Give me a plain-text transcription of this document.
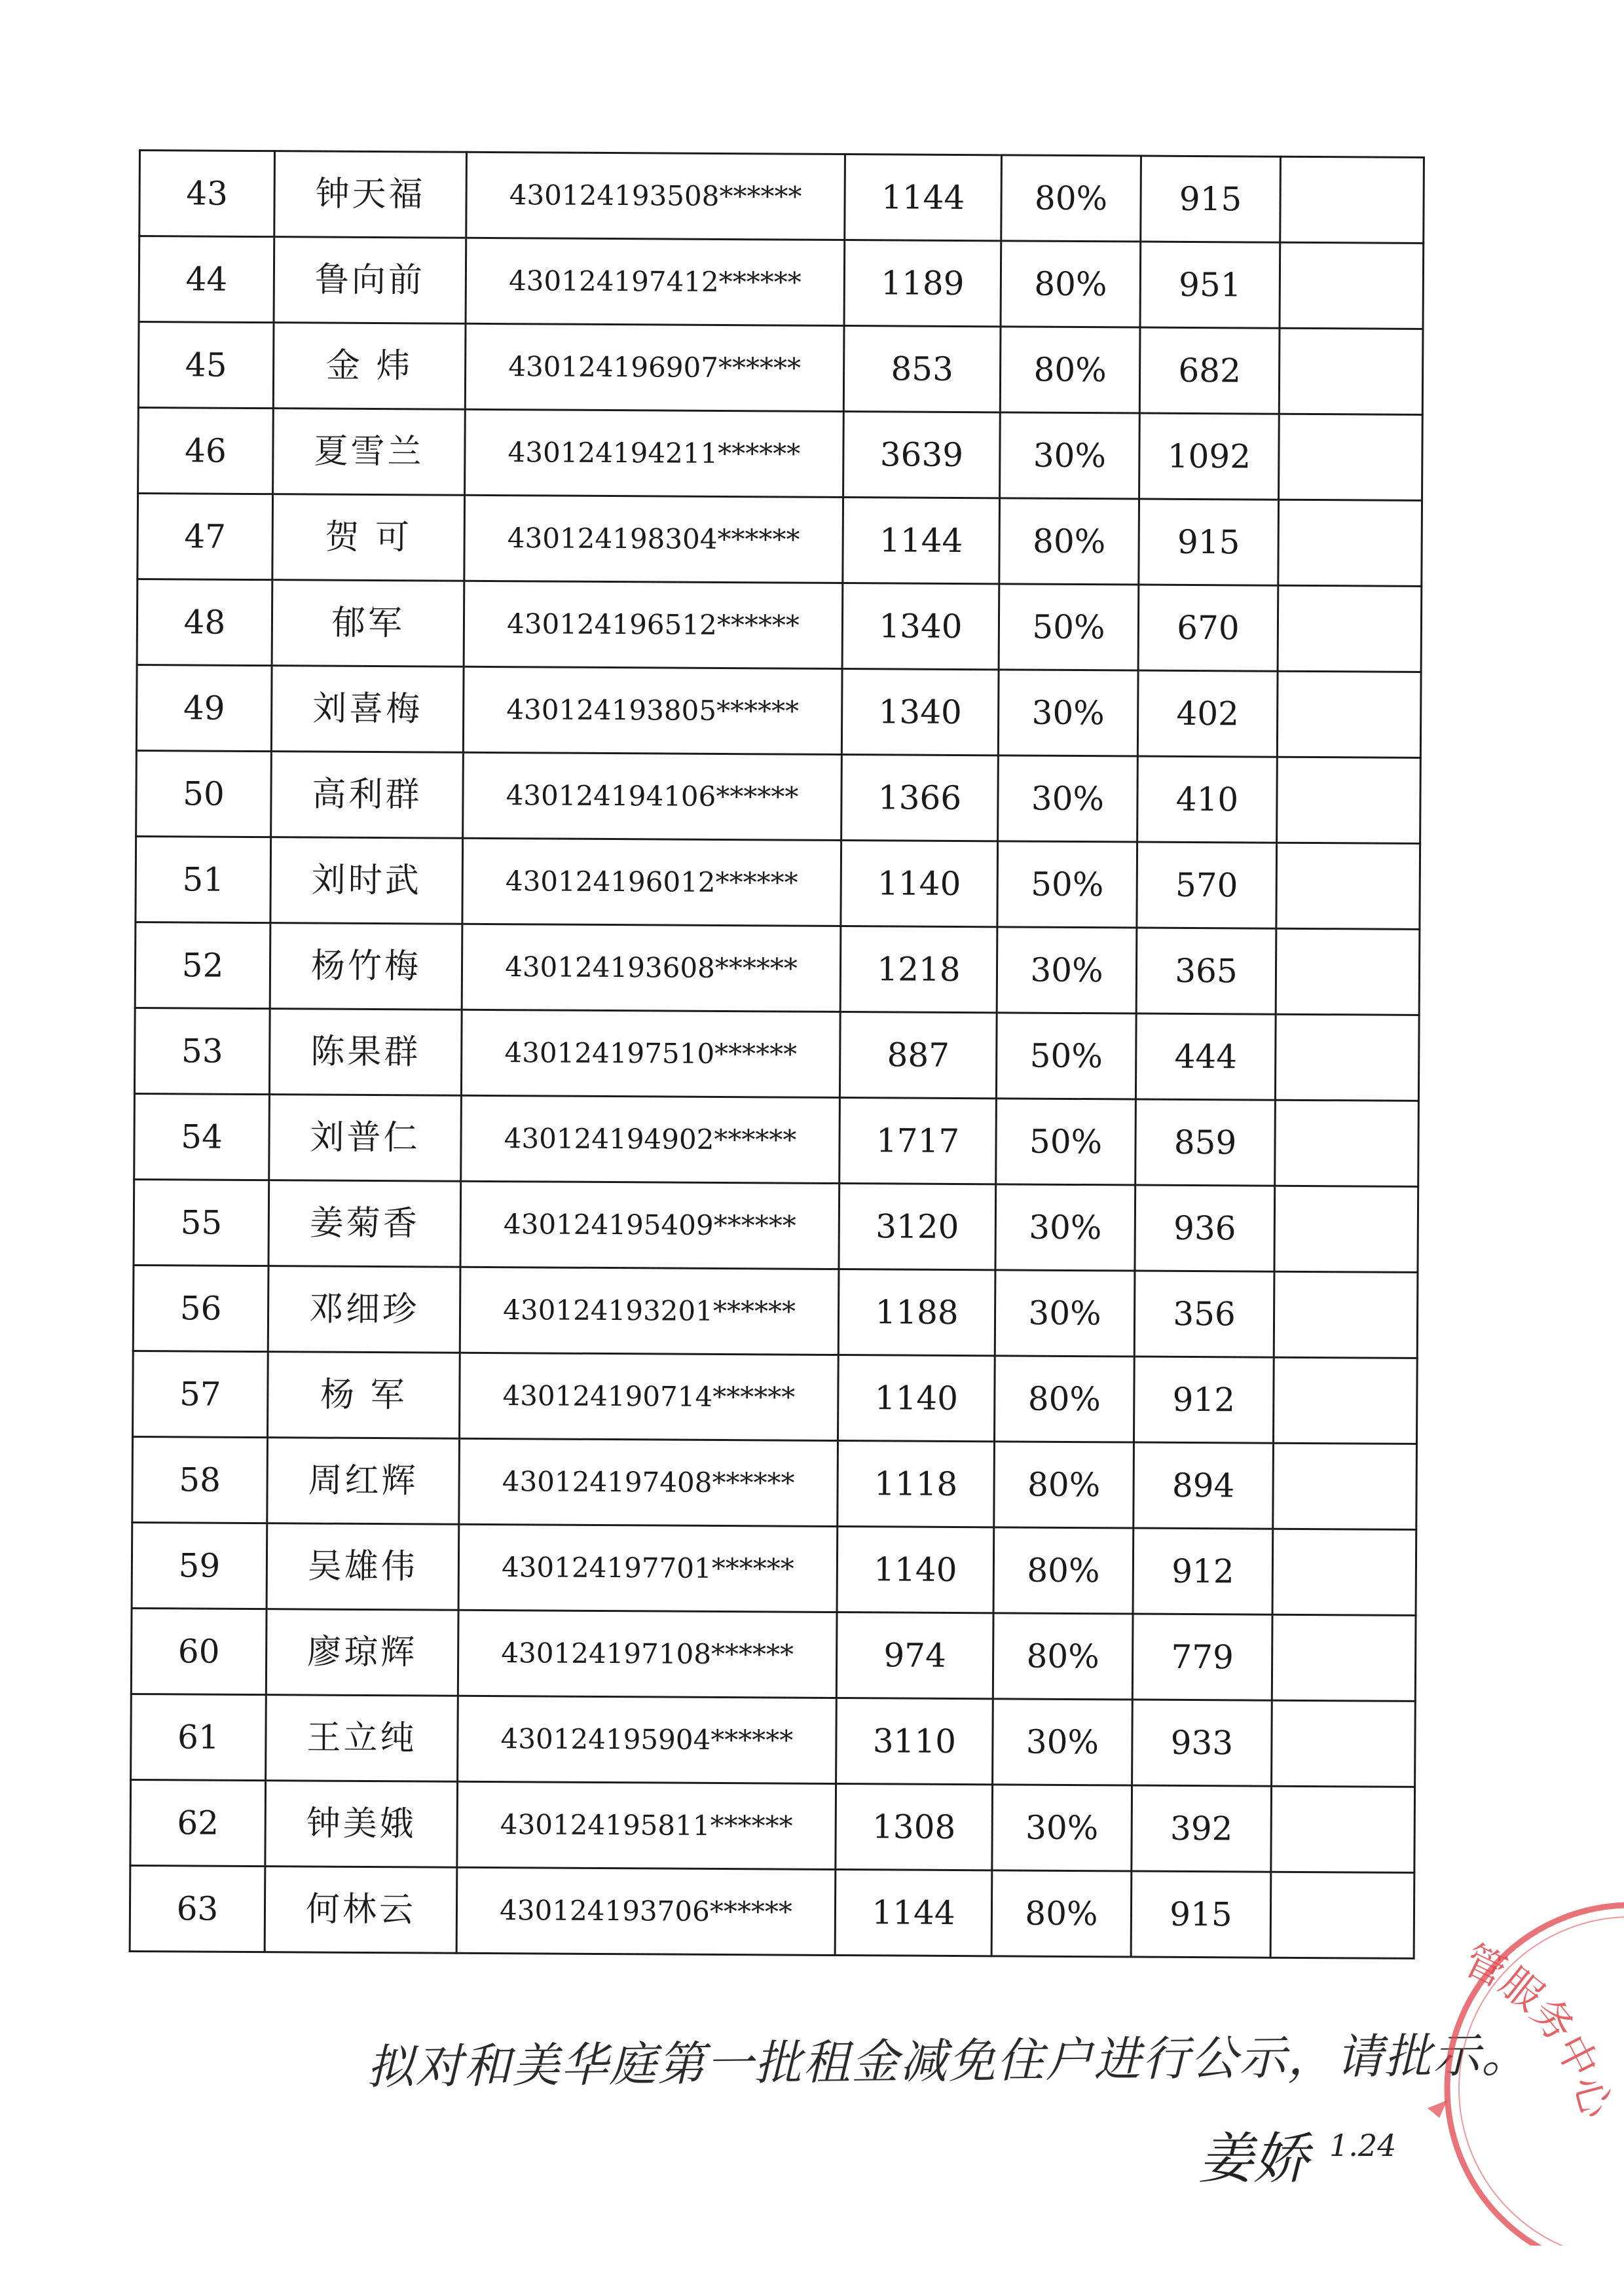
43	钟天福	430124193508******	1144	80%	915	
44	鲁向前	430124197412******	1189	80%	951	
45	金 炜	430124196907******	853	80%	682	
46	夏雪兰	430124194211******	3639	30%	1092	
47	贺 可	430124198304******	1144	80%	915	
48	郁军	430124196512******	1340	50%	670	
49	刘喜梅	430124193805******	1340	30%	402	
50	高利群	430124194106******	1366	30%	410	
51	刘时武	430124196012******	1140	50%	570	
52	杨竹梅	430124193608******	1218	30%	365	
53	陈果群	430124197510******	887	50%	444	
54	刘普仁	430124194902******	1717	50%	859	
55	姜菊香	430124195409******	3120	30%	936	
56	邓细珍	430124193201******	1188	30%	356	
57	杨 军	430124190714******	1140	80%	912	
58	周红辉	430124197408******	1118	80%	894	
59	吴雄伟	430124197701******	1140	80%	912	
60	廖琼辉	430124197108******	974	80%	779	
61	王立纯	430124195904******	3110	30%	933	
62	钟美娥	430124195811******	1308	30%	392	
63	何林云	430124193706******	1144	80%	915	
拟对和美华庭第一批租金减免住户进行公示，请批示。
姜娇 1.24
管服务中心
